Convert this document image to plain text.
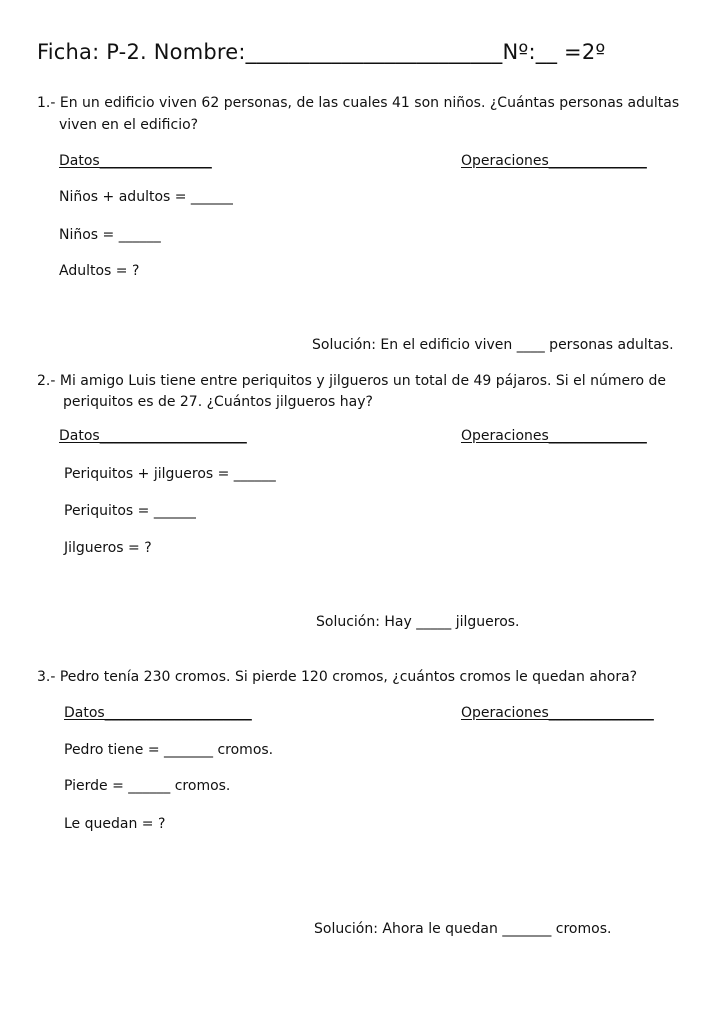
Ficha: P-2. Nombre:________________________Nº:__ =2º
1.- En un edificio viven 62 personas, de las cuales 41 son niños. ¿Cuántas personas adultas
viven en el edificio?
Datos________________	Operaciones______________
Niños + adultos = ______
Niños = ______
Adultos = ?
Solución: En el edificio viven ____ personas adultas.
2.- Mi amigo Luis tiene entre periquitos y jilgueros un total de 49 pájaros. Si el número de
periquitos es de 27. ¿Cuántos jilgueros hay?
Datos_____________________	Operaciones______________
Periquitos + jilgueros = ______
Periquitos = ______
Jilgueros = ?
Solución: Hay _____ jilgueros.
3.- Pedro tenía 230 cromos. Si pierde 120 cromos, ¿cuántos cromos le quedan ahora?
Datos_____________________	Operaciones_______________
Pedro tiene = _______ cromos.
Pierde = ______ cromos.
Le quedan = ?
Solución: Ahora le quedan _______ cromos.
